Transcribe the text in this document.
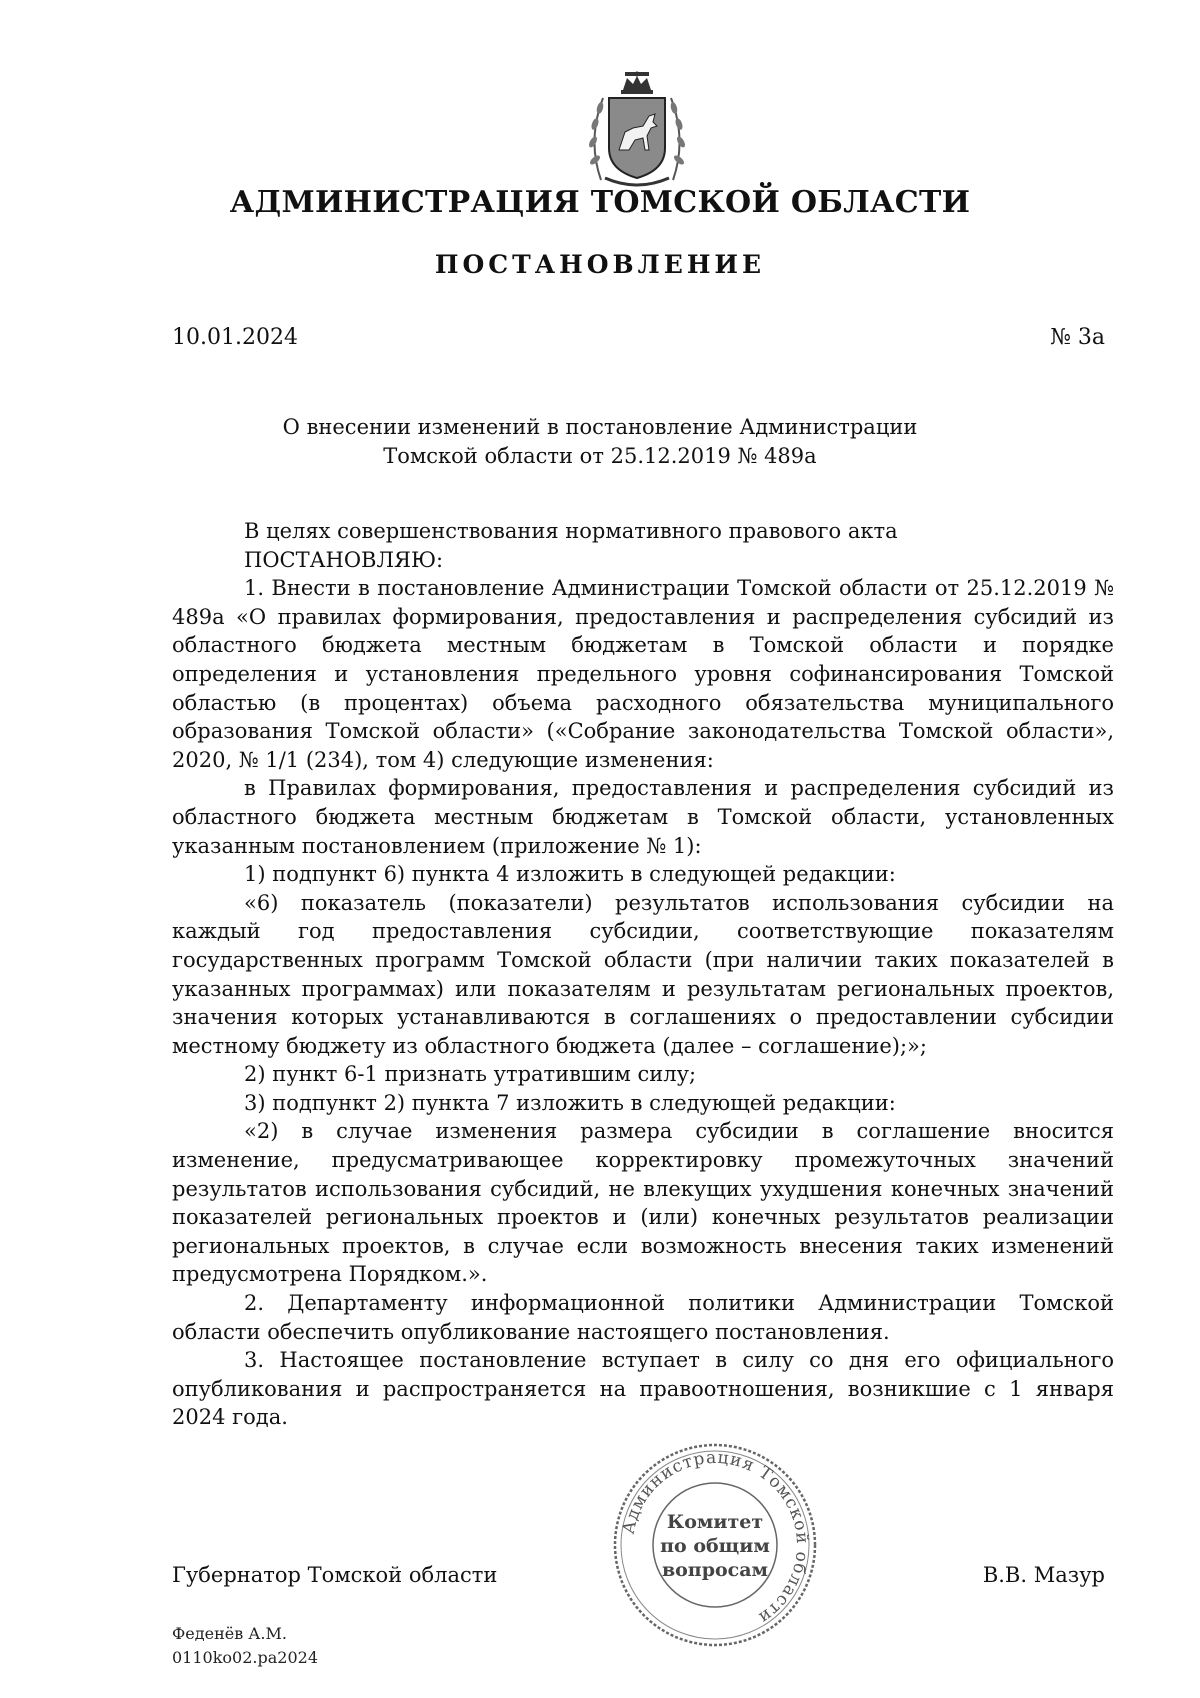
АДМИНИСТРАЦИЯ ТОМСКОЙ ОБЛАСТИ
ПОСТАНОВЛЕНИЕ
10.01.2024	№ 3а
О внесении изменений в постановление Администрации
Томской области от 25.12.2019 № 489а

В целях совершенствования нормативного правового акта

ПОСТАНОВЛЯЮ:

1. Внести в постановление Администрации Томской области от 25.12.2019 № 489а «О правилах формирования, предоставления и распределения субсидий из областного бюджета местным бюджетам в Томской области и порядке определения и установления предельного уровня софинансирования Томской областью (в процентах) объема расходного обязательства муниципального образования Томской области» («Собрание законодательства Томской области», 2020, № 1/1 (234), том 4) следующие изменения:

в Правилах формирования, предоставления и распределения субсидий из областного бюджета местным бюджетам в Томской области, установленных указанным постановлением (приложение № 1):

1) подпункт 6) пункта 4 изложить в следующей редакции:

«6) показатель (показатели) результатов использования субсидии на каждый год предоставления субсидии, соответствующие показателям государственных программ Томской области (при наличии таких показателей в указанных программах) или показателям и результатам региональных проектов, значения которых устанавливаются в соглашениях о предоставлении субсидии местному бюджету из областного бюджета (далее – соглашение);»;

2) пункт 6-1 признать утратившим силу;

3) подпункт 2) пункта 7 изложить в следующей редакции:

«2) в случае изменения размера субсидии в соглашение вносится изменение, предусматривающее корректировку промежуточных значений результатов использования субсидий, не влекущих ухудшения конечных значений показателей региональных проектов и (или) конечных результатов реализации региональных проектов, в случае если возможность внесения таких изменений предусмотрена Порядком.».

2. Департаменту информационной политики Администрации Томской области обеспечить опубликование настоящего постановления.

3. Настоящее постановление вступает в силу со дня его официального опубликования и распространяется на правоотношения, возникшие с 1 января 2024 года.

Администрация Томской области
Комитет
по общим
вопросам
Губернатор Томской области	В.В. Мазур
Феденёв А.М.
0110ko02.pa2024
